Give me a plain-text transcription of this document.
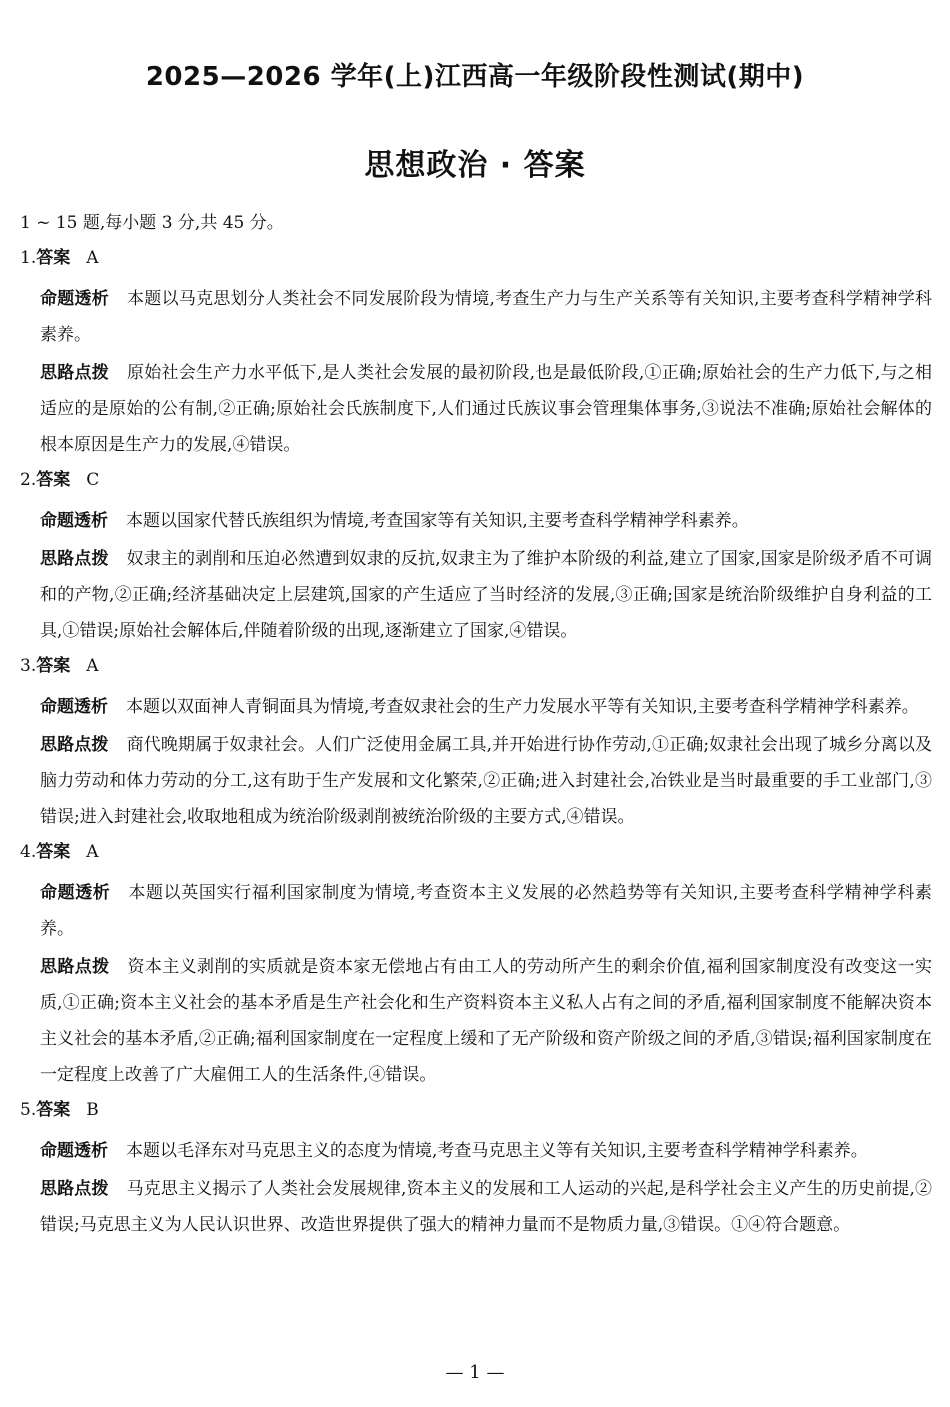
2025—2026 学年(上)江西高一年级阶段性测试(期中)
思想政治 · 答案
1 ~ 15 题,每小题 3 分,共 45 分。
1.答案 A
命题透析 本题以马克思划分人类社会不同发展阶段为情境,考查生产力与生产关系等有关知识,主要考查科学精神学科素养。
思路点拨 原始社会生产力水平低下,是人类社会发展的最初阶段,也是最低阶段,①正确;原始社会的生产力低下,与之相适应的是原始的公有制,②正确;原始社会氏族制度下,人们通过氏族议事会管理集体事务,③说法不准确;原始社会解体的根本原因是生产力的发展,④错误。
2.答案 C
命题透析 本题以国家代替氏族组织为情境,考查国家等有关知识,主要考查科学精神学科素养。
思路点拨 奴隶主的剥削和压迫必然遭到奴隶的反抗,奴隶主为了维护本阶级的利益,建立了国家,国家是阶级矛盾不可调和的产物,②正确;经济基础决定上层建筑,国家的产生适应了当时经济的发展,③正确;国家是统治阶级维护自身利益的工具,①错误;原始社会解体后,伴随着阶级的出现,逐渐建立了国家,④错误。
3.答案 A
命题透析 本题以双面神人青铜面具为情境,考查奴隶社会的生产力发展水平等有关知识,主要考查科学精神学科素养。
思路点拨 商代晚期属于奴隶社会。人们广泛使用金属工具,并开始进行协作劳动,①正确;奴隶社会出现了城乡分离以及脑力劳动和体力劳动的分工,这有助于生产发展和文化繁荣,②正确;进入封建社会,冶铁业是当时最重要的手工业部门,③错误;进入封建社会,收取地租成为统治阶级剥削被统治阶级的主要方式,④错误。
4.答案 A
命题透析 本题以英国实行福利国家制度为情境,考查资本主义发展的必然趋势等有关知识,主要考查科学精神学科素养。
思路点拨 资本主义剥削的实质就是资本家无偿地占有由工人的劳动所产生的剩余价值,福利国家制度没有改变这一实质,①正确;资本主义社会的基本矛盾是生产社会化和生产资料资本主义私人占有之间的矛盾,福利国家制度不能解决资本主义社会的基本矛盾,②正确;福利国家制度在一定程度上缓和了无产阶级和资产阶级之间的矛盾,③错误;福利国家制度在一定程度上改善了广大雇佣工人的生活条件,④错误。
5.答案 B
命题透析 本题以毛泽东对马克思主义的态度为情境,考查马克思主义等有关知识,主要考查科学精神学科素养。
思路点拨 马克思主义揭示了人类社会发展规律,资本主义的发展和工人运动的兴起,是科学社会主义产生的历史前提,②错误;马克思主义为人民认识世界、改造世界提供了强大的精神力量而不是物质力量,③错误。①④符合题意。
— 1 —
